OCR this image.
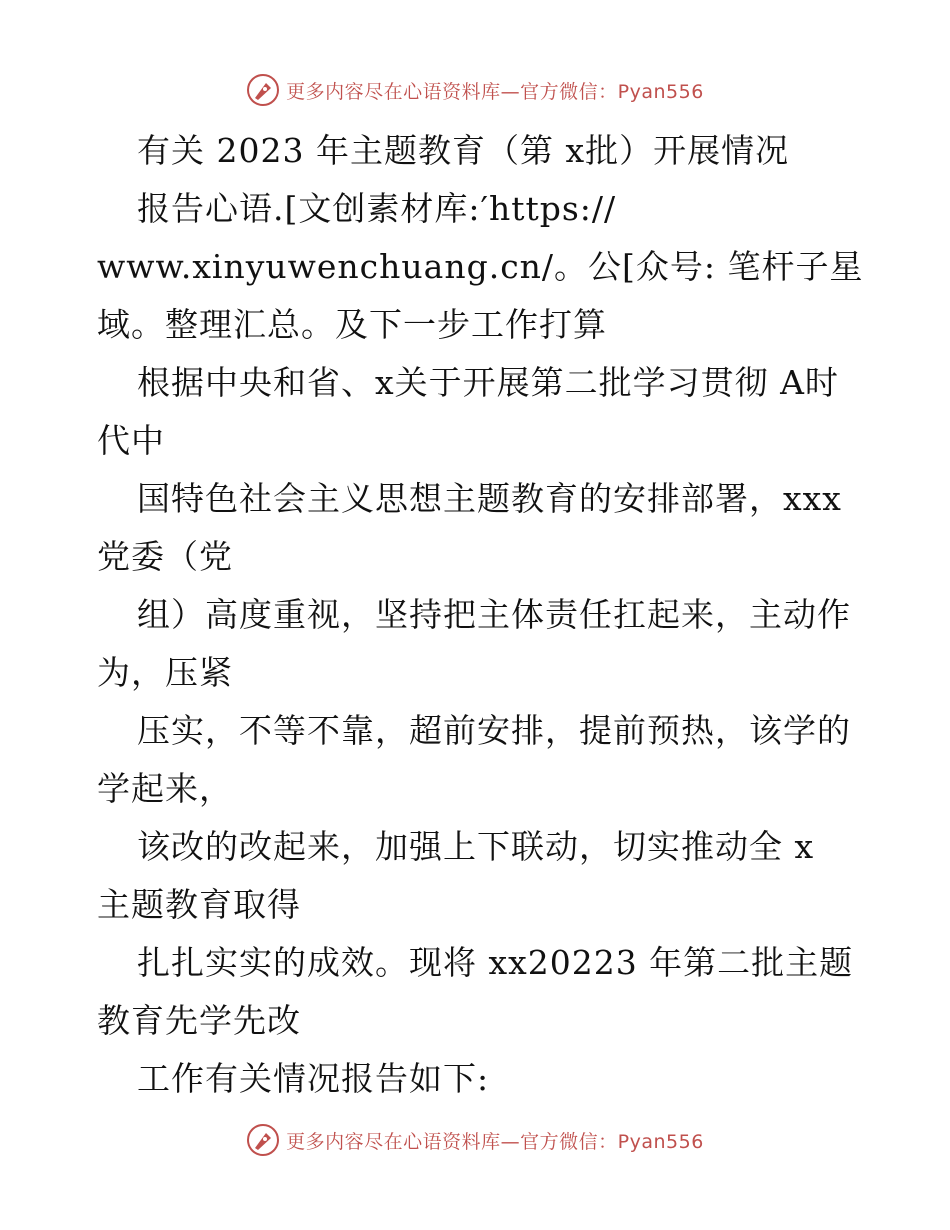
更多内容尽在心语资料库—官方微信：Pyan556
有关 2023 年主题教育（第 x批）开展情况
报告心语.[文创素材库:′https://
www.xinyuwenchuang.cn/。公[众号: 笔杆子星
域。整理汇总。及下一步工作打算
根据中央和省、x关于开展第二批学习贯彻 A时
代中
国特色社会主义思想主题教育的安排部署，xxx
党委（党
组）高度重视，坚持把主体责任扛起来，主动作
为，压紧
压实，不等不靠，超前安排，提前预热，该学的
学起来，
该改的改起来，加强上下联动，切实推动全 x
主题教育取得
扎扎实实的成效。现将 xx20223 年第二批主题
教育先学先改
工作有关情况报告如下:
更多内容尽在心语资料库—官方微信：Pyan556
